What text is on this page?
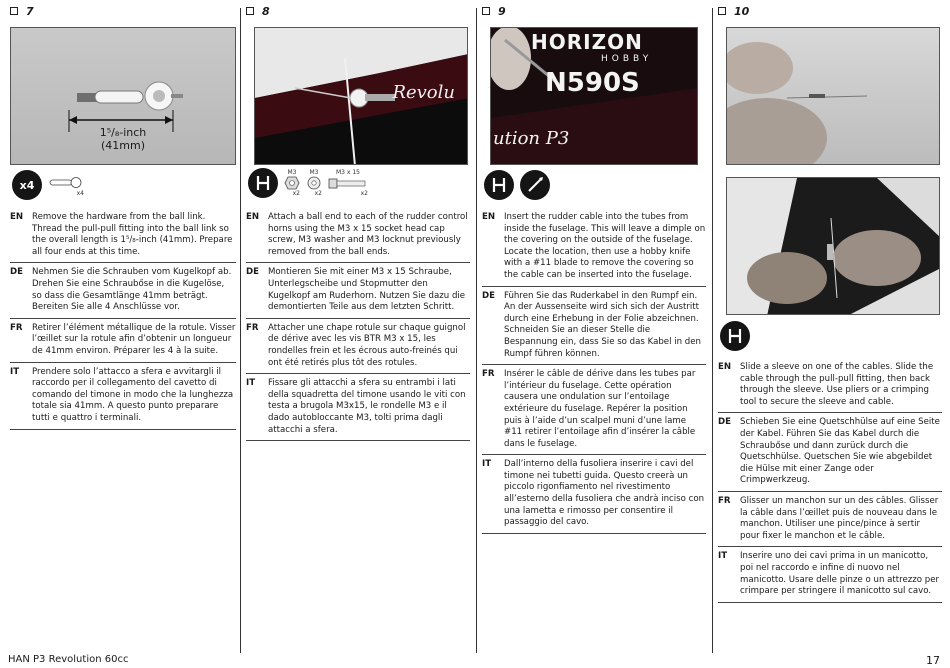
7
1⁵/₈-inch
(41mm)
x4
x4
EN	Remove the hardware from the ball link. Thread the pull-pull fitting into the ball link so the overall length is 1⁵/₈-inch (41mm). Prepare all four ends at this time.
DE	Nehmen Sie die Schrauben vom Kugelkopf ab. Drehen Sie eine Schraubőse in die Kugelöse, so dass die Gesamtlänge 41mm beträgt. Bereiten Sie alle 4 Anschlüsse vor.
FR	Retirer l’élément métallique de la rotule. Visser l’œillet sur la rotule afin d’obtenir un longueur de 41mm environ. Préparer les 4 à la suite.
IT	Prendere solo l’attacco a sfera e avvitargli il raccordo per il collegamento del cavetto di comando del timone in modo che la lunghezza totale sia 41mm. A questo punto preparare tutti e quattro i terminali.
8
Revolu
M3
x2
M3
x2
M3 x 15
x2
EN	Attach a ball end to each of the rudder control horns using the M3 x 15 socket head cap screw, M3 washer and M3 locknut previously removed from the ball ends.
DE	Montieren Sie mit einer M3 x 15 Schraube, Unterlegscheibe und Stopmutter den Kugelkopf am Ruderhorn. Nutzen Sie dazu die demontierten Teile aus dem letzten Schritt.
FR	Attacher une chape rotule sur chaque guignol de dérive avec les vis BTR M3 x 15, les rondelles frein et les écrous auto-freinés qui ont été retirés plus tôt des rotules.
IT	Fissare gli attacchi a sfera su entrambi i lati della squadretta del timone usando le viti con testa a brugola M3x15, le rondelle M3 e il dado autobloccante M3, tolti prima dagli attacchi a sfera.
9
HORIZON
HOBBY
N590S
ution P3
EN	Insert the rudder cable into the tubes from inside the fuselage. This will leave a dimple on the covering on the outside of the fuselage. Locate the location, then use a hobby knife with a #11 blade to remove the covering so the cable can be inserted into the fuselage.
DE	Führen Sie das Ruderkabel in den Rumpf ein. An der Aussenseite wird sich sich der Austritt durch eine Erhebung in der Folie abzeichnen. Schneiden Sie an dieser Stelle die Bespannung ein, dass Sie so das Kabel in den Rumpf führen können.
FR	Insérer le câble de dérive dans les tubes par l’intérieur du fuselage. Cette opération causera une ondulation sur l’entoilage extérieure du fuselage. Repérer la position puis à l’aide d’un scalpel muni d’une lame #11 retirer l’entoilage afin d’insérer la câble dans le fuselage.
IT	Dall’interno della fusoliera inserire i cavi del timone nei tubetti guida. Questo creerà un piccolo rigonfiamento nel rivestimento all’esterno della fusoliera che andrà inciso con una lametta e rimosso per consentire il passaggio del cavo.
10
EN	Slide a sleeve on one of the cables. Slide the cable through the pull-pull fitting, then back through the sleeve. Use pliers or a crimping tool to secure the sleeve and cable.
DE	Schieben Sie eine Quetschhülse auf eine Seite der Kabel. Führen Sie das Kabel durch die Schraubőse und dann zurück durch die Quetschhülse. Quetschen Sie wie abgebildet die Hülse mit einer Zange oder Crimpwerkzeug.
FR	Glisser un manchon sur un des câbles. Glisser la câble dans l’œillet puis de nouveau dans le manchon. Utiliser une pince/pince à sertir pour fixer le manchon et le câble.
IT	Inserire uno dei cavi prima in un manicotto, poi nel raccordo e infine di nuovo nel manicotto. Usare delle pinze o un attrezzo per crimpare per stringere il manicotto sul cavo.
HAN P3 Revolution 60cc	17
